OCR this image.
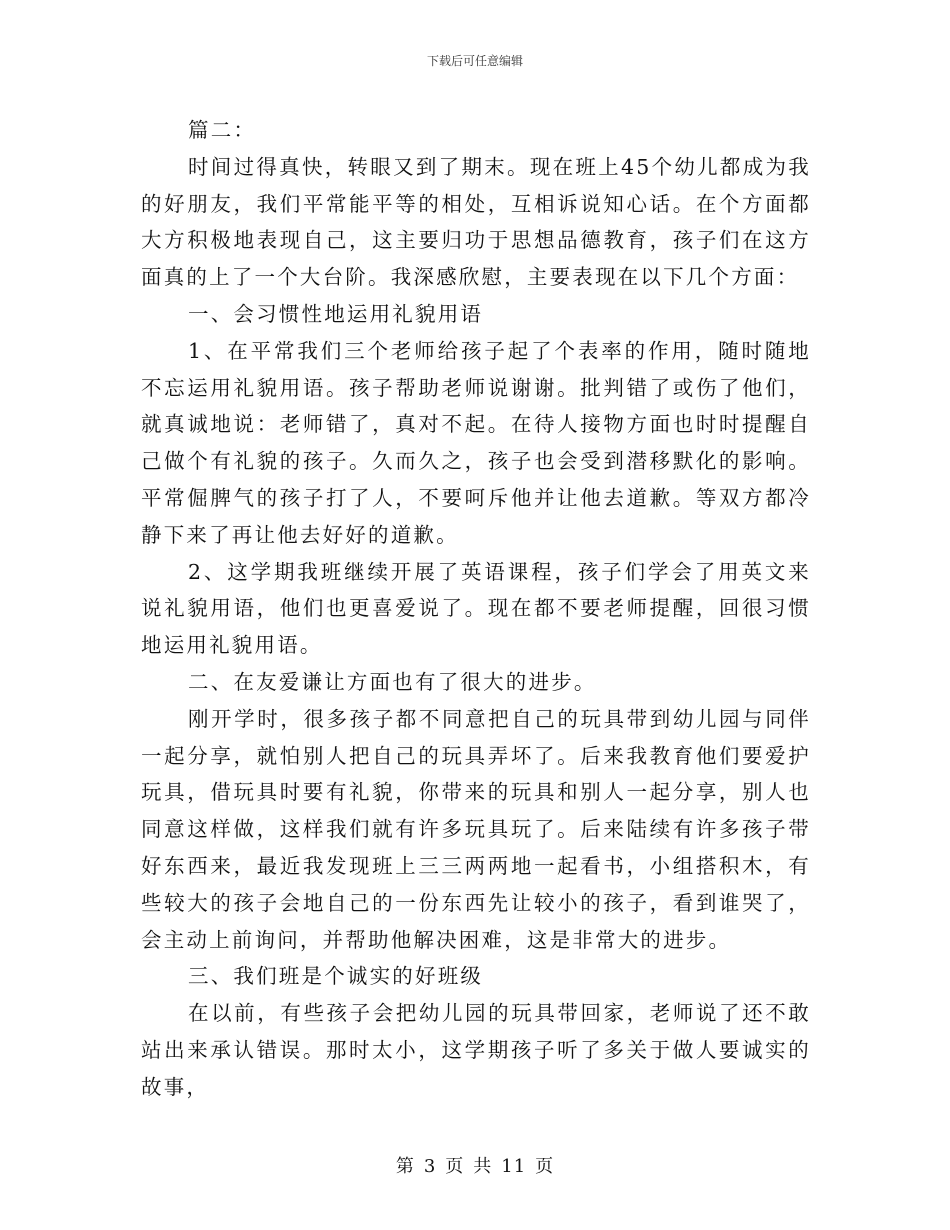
下载后可任意编辑

篇二：

时间过得真快，转眼又到了期末。现在班上45个幼儿都成为我的好朋友，我们平常能平等的相处，互相诉说知心话。在个方面都大方积极地表现自己，这主要归功于思想品德教育，孩子们在这方面真的上了一个大台阶。我深感欣慰，主要表现在以下几个方面：

一、会习惯性地运用礼貌用语

1、在平常我们三个老师给孩子起了个表率的作用，随时随地不忘运用礼貌用语。孩子帮助老师说谢谢。批判错了或伤了他们，就真诚地说：老师错了，真对不起。在待人接物方面也时时提醒自己做个有礼貌的孩子。久而久之，孩子也会受到潜移默化的影响。平常倔脾气的孩子打了人，不要呵斥他并让他去道歉。等双方都冷静下来了再让他去好好的道歉。

2、这学期我班继续开展了英语课程，孩子们学会了用英文来说礼貌用语，他们也更喜爱说了。现在都不要老师提醒，回很习惯地运用礼貌用语。

二、在友爱谦让方面也有了很大的进步。

刚开学时，很多孩子都不同意把自己的玩具带到幼儿园与同伴一起分享，就怕别人把自己的玩具弄坏了。后来我教育他们要爱护玩具，借玩具时要有礼貌，你带来的玩具和别人一起分享，别人也同意这样做，这样我们就有许多玩具玩了。后来陆续有许多孩子带好东西来，最近我发现班上三三两两地一起看书，小组搭积木，有些较大的孩子会地自己的一份东西先让较小的孩子，看到谁哭了，会主动上前询问，并帮助他解决困难，这是非常大的进步。

三、我们班是个诚实的好班级

在以前，有些孩子会把幼儿园的玩具带回家，老师说了还不敢站出来承认错误。那时太小，这学期孩子听了多关于做人要诚实的故事，

第 3 页 共 11 页
